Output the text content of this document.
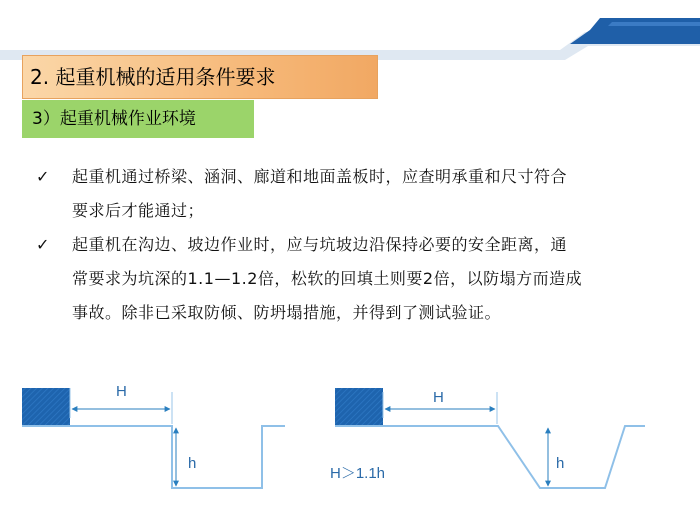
2. 起重机械的适用条件要求
3）起重机械作业环境
✓ 起重机通过桥梁、涵洞、廊道和地面盖板时，应查明承重和尺寸符合
要求后才能通过；
✓ 起重机在沟边、坡边作业时，应与坑坡边沿保持必要的安全距离，通
常要求为坑深的1.1—1.2倍，松软的回填土则要2倍，以防塌方而造成
事故。除非已采取防倾、防坍塌措施，并得到了测试验证。
H
h
H
h
H＞1.1h
